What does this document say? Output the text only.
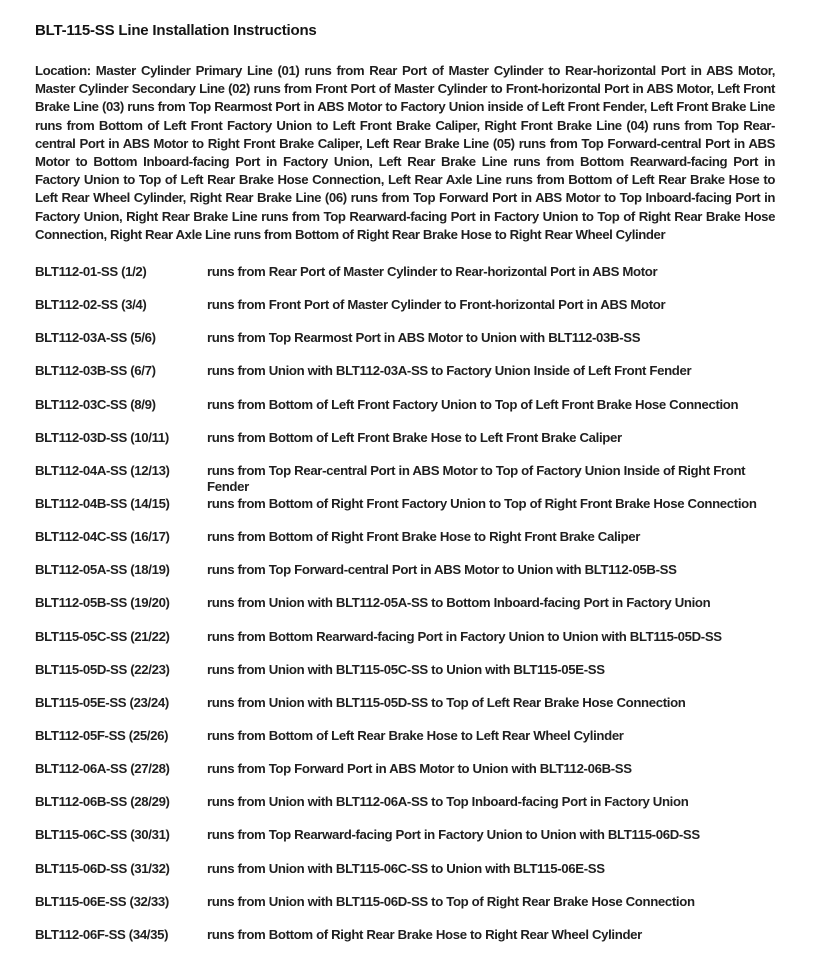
BLT-115-SS Line Installation Instructions

Location: Master Cylinder Primary Line (01) runs from Rear Port of Master Cylinder to Rear-horizontal Port in ABS Motor, Master Cylinder Secondary Line (02) runs from Front Port of Master Cylinder to Front-horizontal Port in ABS Motor, Left Front Brake Line (03) runs from Top Rearmost Port in ABS Motor to Factory Union inside of Left Front Fender, Left Front Brake Line runs from Bottom of Left Front Factory Union to Left Front Brake Caliper, Right Front Brake Line (04) runs from Top Rear-central Port in ABS Motor to Right Front Brake Caliper, Left Rear Brake Line (05) runs from Top Forward-central Port in ABS Motor to Bottom Inboard-facing Port in Factory Union, Left Rear Brake Line runs from Bottom Rearward-facing Port in Factory Union to Top of Left Rear Brake Hose Connection, Left Rear Axle Line runs from Bottom of Left Rear Brake Hose to Left Rear Wheel Cylinder, Right Rear Brake Line (06) runs from Top Forward Port in ABS Motor to Top Inboard-facing Port in Factory Union, Right Rear Brake Line runs from Top Rearward-facing Port in Factory Union to Top of Right Rear Brake Hose Connection, Right Rear Axle Line runs from Bottom of Right Rear Brake Hose to Right Rear Wheel Cylinder

BLT112-01-SS (1/2)	runs from Rear Port of Master Cylinder to Rear-horizontal Port in ABS Motor
BLT112-02-SS (3/4)	runs from Front Port of Master Cylinder to Front-horizontal Port in ABS Motor
BLT112-03A-SS (5/6)	runs from Top Rearmost Port in ABS Motor to Union with BLT112-03B-SS
BLT112-03B-SS (6/7)	runs from Union with BLT112-03A-SS to Factory Union Inside of Left Front Fender
BLT112-03C-SS (8/9)	runs from Bottom of Left Front Factory Union to Top of Left Front Brake Hose Connection
BLT112-03D-SS (10/11)	runs from Bottom of Left Front Brake Hose to Left Front Brake Caliper
BLT112-04A-SS (12/13)	runs from Top Rear-central Port in ABS Motor to Top of Factory Union Inside of Right Front Fender
BLT112-04B-SS (14/15)	runs from Bottom of Right Front Factory Union to Top of Right Front Brake Hose Connection
BLT112-04C-SS (16/17)	runs from Bottom of Right Front Brake Hose to Right Front Brake Caliper
BLT112-05A-SS (18/19)	runs from Top Forward-central Port in ABS Motor to Union with BLT112-05B-SS
BLT112-05B-SS (19/20)	runs from Union with BLT112-05A-SS to Bottom Inboard-facing Port in Factory Union
BLT115-05C-SS (21/22)	runs from Bottom Rearward-facing Port in Factory Union to Union with BLT115-05D-SS
BLT115-05D-SS (22/23)	runs from Union with BLT115-05C-SS to Union with BLT115-05E-SS
BLT115-05E-SS (23/24)	runs from Union with BLT115-05D-SS to Top of Left Rear Brake Hose Connection
BLT112-05F-SS (25/26)	runs from Bottom of Left Rear Brake Hose to Left Rear Wheel Cylinder
BLT112-06A-SS (27/28)	runs from Top Forward Port in ABS Motor to Union with BLT112-06B-SS
BLT112-06B-SS (28/29)	runs from Union with BLT112-06A-SS to Top Inboard-facing Port in Factory Union
BLT115-06C-SS (30/31)	runs from Top Rearward-facing Port in Factory Union to Union with BLT115-06D-SS
BLT115-06D-SS (31/32)	runs from Union with BLT115-06C-SS to Union with BLT115-06E-SS
BLT115-06E-SS (32/33)	runs from Union with BLT115-06D-SS to Top of Right Rear Brake Hose Connection
BLT112-06F-SS (34/35)	runs from Bottom of Right Rear Brake Hose to Right Rear Wheel Cylinder
